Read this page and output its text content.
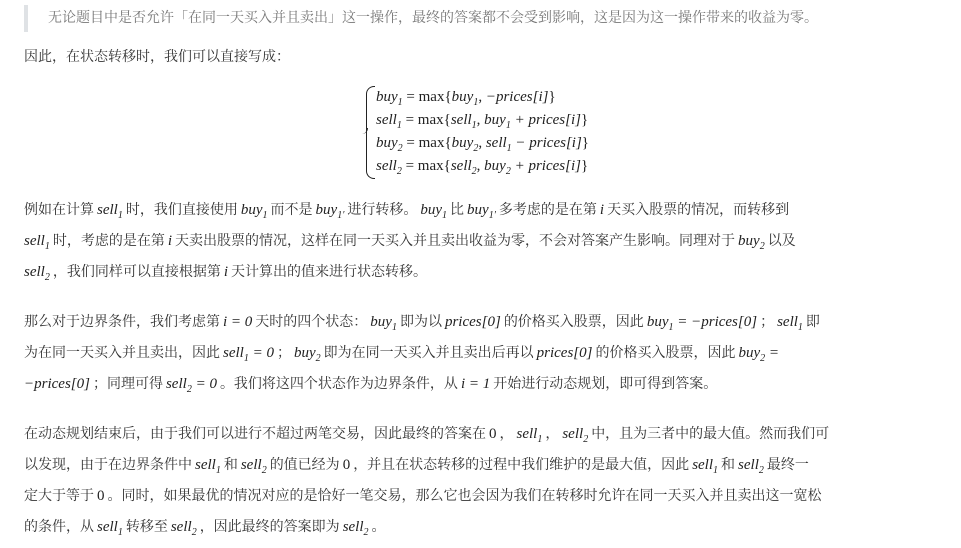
无论题目中是否允许「在同一天买入并且卖出」这一操作，最终的答案都不会受到影响，这是因为这一操作带来的收益为零。
因此，在状态转移时，我们可以直接写成：
buy$_1$ = max{buy$_1$, −prices[i]}
sell$_1$ = max{sell$_1$, buy$_1$ + prices[i]}
buy$_2$ = max{buy$_2$, sell$_1$ − prices[i]}
sell$_2$ = max{sell$_2$, buy$_2$ + prices[i]}
例如在计算 sell$_1$ 时，我们直接使用 buy$_1$ 而不是 buy$_{1'}$ 进行转移。 buy$_1$ 比 buy$_{1'}$ 多考虑的是在第 i 天买入股票的情况，而转移到
sell$_1$ 时，考虑的是在第 i 天卖出股票的情况，这样在同一天买入并且卖出收益为零，不会对答案产生影响。同理对于 buy$_2$ 以及
sell$_2$ ，我们同样可以直接根据第 i 天计算出的值来进行状态转移。
那么对于边界条件，我们考虑第 i = 0 天时的四个状态： buy$_1$ 即为以 prices[0] 的价格买入股票，因此 buy$_1$ = −prices[0] ； sell$_1$ 即
为在同一天买入并且卖出，因此 sell$_1$ = 0 ； buy$_2$ 即为在同一天买入并且卖出后再以 prices[0] 的价格买入股票，因此 buy$_2$ =
−prices[0] ；同理可得 sell$_2$ = 0 。我们将这四个状态作为边界条件，从 i = 1 开始进行动态规划，即可得到答案。
在动态规划结束后，由于我们可以进行不超过两笔交易，因此最终的答案在 0 ， sell$_1$ ， sell$_2$ 中，且为三者中的最大值。然而我们可
以发现，由于在边界条件中 sell$_1$ 和 sell$_2$ 的值已经为 0 ，并且在状态转移的过程中我们维护的是最大值，因此 sell$_1$ 和 sell$_2$ 最终一
定大于等于 0 。同时，如果最优的情况对应的是恰好一笔交易，那么它也会因为我们在转移时允许在同一天买入并且卖出这一宽松
的条件，从 sell$_1$ 转移至 sell$_2$ ，因此最终的答案即为 sell$_2$ 。
